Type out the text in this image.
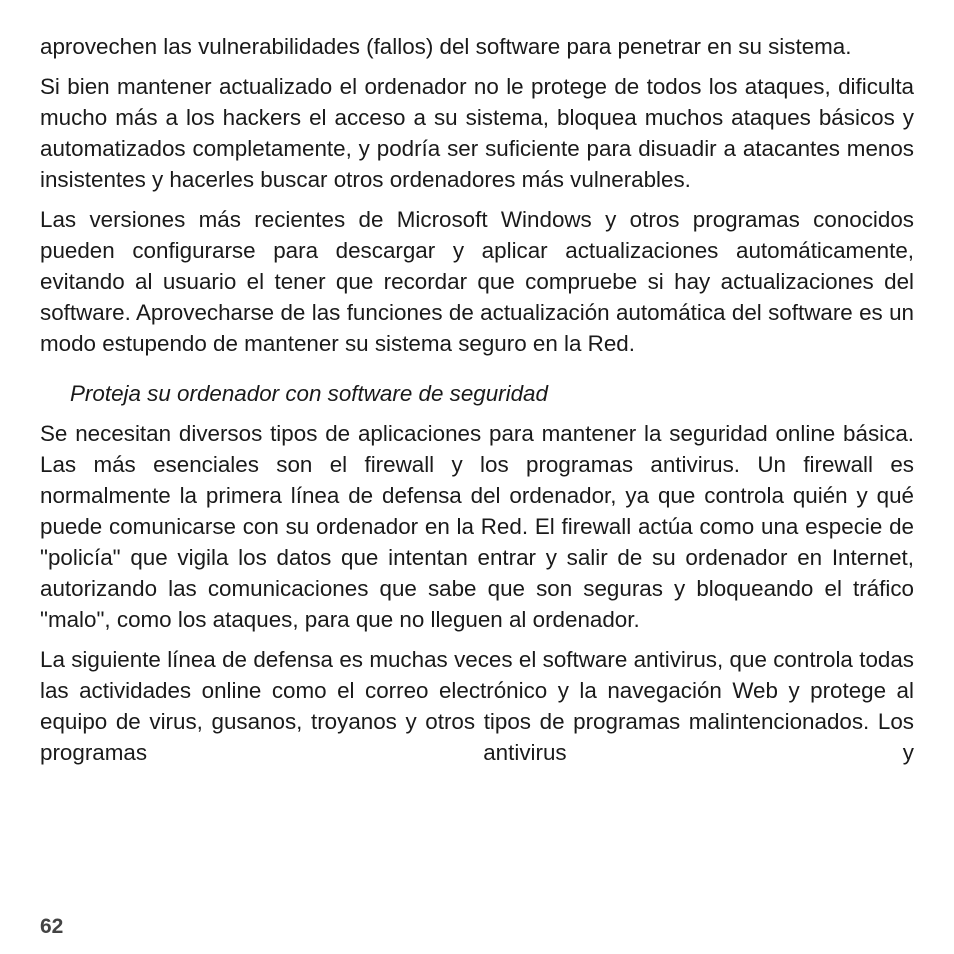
aprovechen las vulnerabilidades (fallos) del software para penetrar en su sistema.

Si bien mantener actualizado el ordenador no le protege de todos los ataques, dificulta mucho más a los hackers el acceso a su sistema, bloquea muchos ataques básicos y automatizados completamente, y podría ser suficiente para disuadir a atacantes menos insistentes y hacerles buscar otros ordenadores más vulnerables.

Las versiones más recientes de Microsoft Windows y otros programas conocidos pueden configurarse para descargar y aplicar actualizaciones automáticamente, evitando al usuario el tener que recordar que compruebe si hay actualizaciones del software. Aprovecharse de las funciones de actualización automática del software es un modo estupendo de mantener su sistema seguro en la Red.

Proteja su ordenador con software de seguridad

Se necesitan diversos tipos de aplicaciones para mantener la seguridad online básica. Las más esenciales son el firewall y los programas antivirus. Un firewall es normalmente la primera línea de defensa del ordenador, ya que controla quién y qué puede comunicarse con su ordenador en la Red. El firewall actúa como una especie de "policía" que vigila los datos que intentan entrar y salir de su ordenador en Internet, autorizando las comunicaciones que sabe que son seguras y bloqueando el tráfico "malo", como los ataques, para que no lleguen al ordenador.

La siguiente línea de defensa es muchas veces el software antivirus, que controla todas las actividades online como el correo electrónico y la navegación Web y protege al equipo de virus, gusanos, troyanos y otros tipos de programas malintencionados. Los programas antivirus y

62
